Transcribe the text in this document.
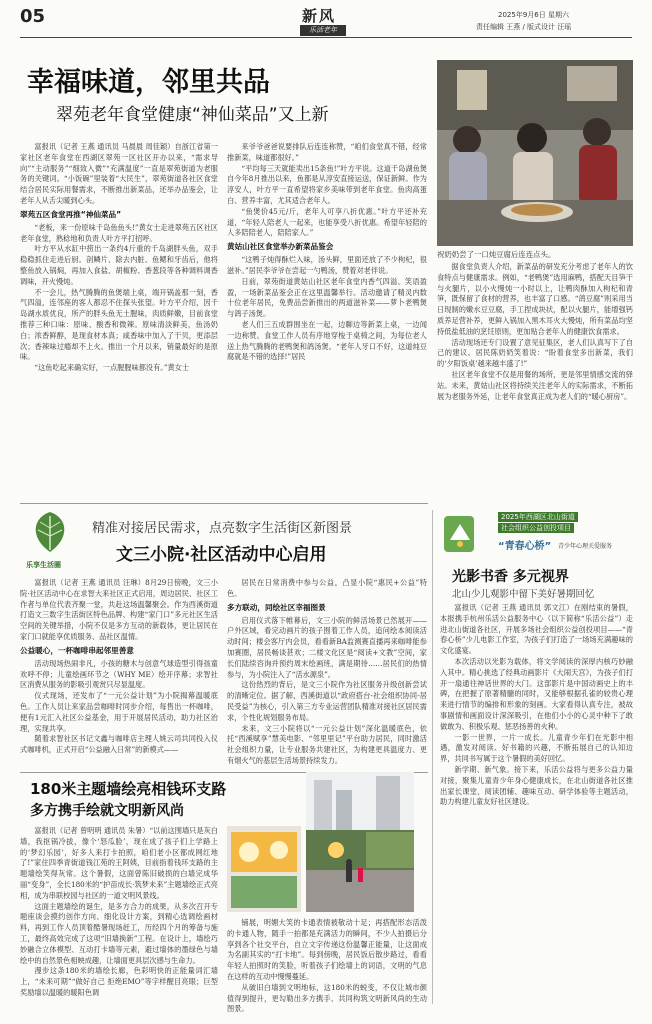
05	新风
乐活老年
2025年9月6日 星期六
责任编辑 王燕 / 版式设计 汪瑶
幸福味道，邻里共品
翠苑老年食堂健康“神仙菜品”又上新

富报讯（记者 王燕 通讯员 马晨晨 周佳颖）自浙江省第一家社区老年食堂在西湖区翠苑一区社区开办以来，“需求导向”“主动服务”“细致入微”“充满温度”一直是翠苑街道为老服务的关键词。“小饭碗”里装着“大民生”，翠苑街道各社区食堂结合居民实际用餐需求，不断推出新菜品，还举办品鉴会，让老年人从舌尖暖到心头。

翠苑五区食堂再推“神仙菜品”

“老板，来一份原味千岛鱼鱼头!”黄女士走进翠苑五区社区老年食堂，熟稔地和负责人叶方平打招呼。

叶方平从水缸中捞出一条约4斤重的千岛湖胖头鱼，双手稳稳抓住走进后厨。剖鳞片、除去内脏、鱼鳃和牙齿后，他将整鱼放入锅焖，再加入食盐、胡椒粉、香葱段等各种调料调香调味，开火慢炖。

不一会儿，热气腾腾的鱼煲端上桌，端开锅盖那一刻，香气四溢，连邻座的客人都忍不住探头张望。叶方平介绍，因千岛湖水质优良，所产的胖头鱼无土腥味，肉质鲜嫩，目前食堂推荐三种口味：原味、酸香和微辣。原味清淡鲜美，鱼汤奶白；浓香鲜醇，是现食材本真；咸香味中加入了干贝，更添层次；香辣味过瘾却不上火。推出一个月以来，销量最好的是原味。

“这鱼吃起来确实好，一点腥腥味都没有。”黄女士

来爷爷爸爸说要排队后连连称赞，“咱们食堂真不错，经常推新菜，味道都很好。”

“平均每三天就能卖出15条鱼!”叶方平说。这道千岛湖鱼煲自今年8月推出以来，鱼都是从淳安直接运送，保证新鲜。作为淳安人，叶方平一直希望将家乡美味带到老年食堂。鱼肉高蛋白、营养丰富，尤其适合老年人。

“鱼煲价45元/斤，老年人可享八折优惠。”叶方平还补充道，“年轻人陪老人一起来，也能享受八折优惠。希望年轻陪的人多陪陪老人，陪陪家人。”

黄姑山社区食堂举办新菜品鉴会

“这鸭子炖得酥烂入味，汤头鲜，里面还放了不少枸杞，很滋补。”居民李爷爷在尝起一勺鸭汤，赞着对老伴说。

日前，翠苑街道黄姑山社区老年食堂内香气四溢、笑语盈盈，一场新菜品鉴会正在这里温馨举行。活动邀请了精灵内数十位老年居民，免费品尝新推出的两道滋补菜——萝卜老鸭煲与鸽子汤煲。

老人们三五成群围坐在一起，边聊边等新菜上桌，一边闻一边称赞。食堂工作人员有序地穿梭于桌椅之间，为每位老人送上热气腾腾的老鸭煲和鸽汤煲。“老年人牙口不好，这道炖豆腐就是不错的选择!”居民

祝奶奶尝了一口炖豆腐后连连点头。

据食堂负责人介绍，新菜品的研发充分考虑了老年人的饮食特点与健康需求。例如，“老鸭煲”选用麻鸭，搭配天目笋干与火腿片，以小火慢炖一小时以上，让鸭肉酥加入枸杞和青笋，既保留了食材的营养，也丰富了口感。“鸽豆腐”则采用当日现制的嫩水豆豆腐，手工捏成块状，配以火腿片，能增强钙质养足营补养，更鲜入锅加入黑木耳火大慢炖，所有菜品均坚持低盐低油的烹饪原则，更加贴合老年人的健康饮食需求。

活动现场还专门设置了意见征集区，老人们认真写下了自己的建议。居民陈奶奶笑着说：“盼着食堂多出新菜，我们的‘夕阳饭桌’越来越丰盛了!”

社区老年食堂不仅是用餐的场所，更是邻里情感交流的驿站。未来，黄姑山社区将持续关注老年人的实际需求，不断拓展为老服务外延，让老年食堂真正成为老人们的“暖心厨房”。

乐享生活圈
精准对接居民需求，点亮数字生活街区新图景
文三小院·社区活动中心启用

富报讯（记者 王燕 通讯员 汪琳）8月29日傍晚，文三小院·社区活动中心在求智大来社区正式启用，周边居民、社区工作者与单位代表齐聚一堂，共赴这场温馨聚会。作为西溪街道打造文三数字生活街区特色品牌、构建“家门口”多元社区生活空间的关键举措，小院不仅是多方互动的新载体，更让居民在家门口就能享优质服务、品社区温情。

公益暖心，一杯咖啡串起邻里善意

活动现场热闹非凡，小孩的糖木与创意气球造型引得孩童欢呼不停；儿童绘画环节之（WHY ME）绘开序幕；求智社区消费从服务的影吸引观赏只尽显温度。

仪式现场，还发布了“一元公益计划”为小院揭幕温暖底色。工作人员让来家品尝咖啡时同步介绍，每售出一杯咖啡，便有1元汇入社区公益基金，用于开展居民活动，助力社区治理，实现共享。

随着求智社区书记文鑫与咖啡店主理人姚云司共同投入仪式咖啡机，正式开启“公益融入日常”的新模式——

居民在日常消费中参与公益，凸显小院“惠民+公益”特色。

多方联动，同绘社区幸福图景

启用仪式落下帷幕后，文三小院的鲜活场景已然展开——户外区域，看完动画片的孩子围着工作人员，追问绘本阅读活动时间；楼会客厅内会员，看看新BA监测赛直播再来咖啡能参加赛圈，居民畅谈甚欢；二楼文化区是“阅读+文教”空间，家长们陆续咨询并预约周末绘画班，满是期待……居民们的热情参与，为小院注入了“活水源泉”。

这份热烈的背后，是文三小院作为社区服务升级创新尝试的清晰定位。据了解，西溪街道以“政府搭台-社会组织协同-居民受益”为核心，引入第三方专业运营团队精准对接社区居民需求，个性化规划服务布局。

未来，文三小院将以“一元公益计划”深化温暖底色，依托“西溪赋享”慧美电影、“邻里里记”平台助力居民，同时激活社会组织力量，让专业服务共建社区，为构建更具温度力、更有烟火气的基层生活场景持续发力。

2025年西湖区北山街道
社会组织公益创投项目
“青春心桥” 青少年心理关爱服务
光影书香 多元视界
北山少儿观影中留下美好暑期回忆

富报讯（记者 王燕 通讯员 郭文江）在刚结束的暑假，本报携手杭州乐活公益服务中心（以下简称“乐活公益”）走进北山街道各社区，开展多场社会组织公益创投项目——“青春心桥”少儿电影工作室，为孩子们打造了一场场充满趣味的文化盛宴。

本次活动以光影为载体，将文学阅读的深厚内核巧妙融入其中。精心挑选了经典动画影片《大闹天宫》，为孩子们打开一扇通往神话世界的大门。这部影片是中国动画史上的丰碑，在把握了原著精髓的同时，又能够根据孔雀的较贵心理来进行情节的编排和形象的刻画。大家看得认真专注，被故事剧情和画面设计深深吸引，在他们小小的心灵中种下了敢做敢为、积极乐观、惩恶扬善的火种。

一影一世界，一片一成长。儿童青少年们在光影中相遇，激发对阅读、好书籍的兴趣，不断拓展自己的认知边界，共同书写属于这个暑假的美好回忆。

新学期、新气象。接下来，乐活公益将与更多公益力量对接，聚集儿童青少年身心健康成长，在北山街道各社区推出家长课堂、阅读团辅、趣味互动、研学体验等主题活动，助力构建儿童友好社区建设。

180米主题墙绘亮相钱环支路
多方携手绘就文明新风尚

富报讯（记者 曾明明 通讯员 朱暑）“以前这围墙只是灰白墙，我抠锅冷拔，像个‘怒瓜脸’，现在成了孩子们上学路上的‘梦幻乐园’，好多人来打卡拍照，咱们老小区都成网红地了!”家住四季青街道钱江苑的王阿姨，目前指着钱环支路的主题墙绘笑得灰常。这个暑假，这面曾陈旧破损的白墙完成华丽“变身”，全长180米的“护苗成长·筑梦未来”主题墙绘正式亮相，成为串联校园与社区的一道文明风景线。

这面主题墙绘的诞生，是多方合力的成果。从多次召开专题座谈会摸约创作方向、细化设计方案，到精心选调绘画材料，再到工作人员顶着酷暑现场赶工，历经四个月的筹备与施工，最终高效完成了这项“旧墙换新”工程。在设计上，墙绘巧妙融合立体模型、互动打卡墙等元素，避过墙体的墨绿色与墙绘中的自然景色相映成趣，让墙面更具层次感与生命力。

漫步这条180米的墙绘长廊，色彩明快的正能量词汇墙上，“未来可期”“做好自己 拒绝EMO”等字样醒目亮眼；巨型奖励墙以温暖的暖阳色调

铺展，明媚大笑的卡通表情被敬动十足；再搭配形态活泼的卡通人物，随手一拍都是充满活力的瞬间，不少人拍摄后分享到各个社交平台，自立文字传递这份温馨正能量，让这面成为名副其实的“打卡地”。每到傍晚，居民饭后散步路过，看看年轻人拍照时的笑脸，听着孩子们绘墙上的词语，文明的气息在这样的互动中慢慢蔓延。

从破旧白墙到文明地标，这180米的蜕变，不仅让城市颜值得到提升，更勾勒出多方携手、共同构筑文明新风尚的生动图景。
